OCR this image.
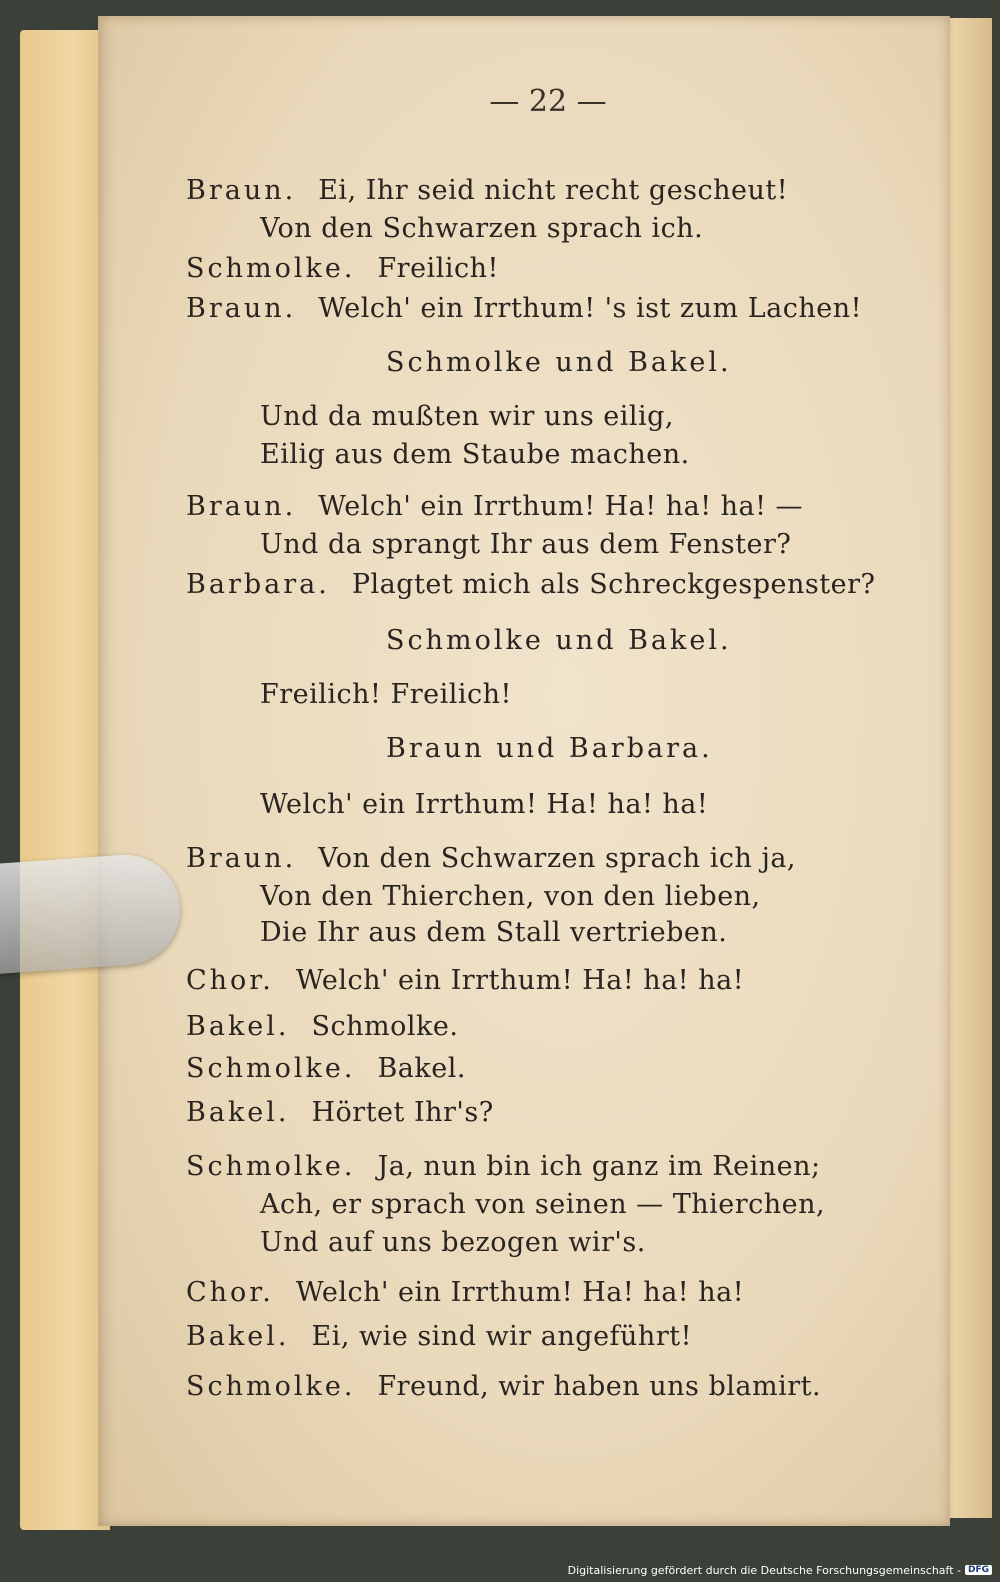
— 22 —
Braun. Ei, Ihr seid nicht recht gescheut!
Von den Schwarzen sprach ich.
Schmolke. Freilich!
Braun. Welch' ein Irrthum! 's ist zum Lachen!
Schmolke und Bakel.
Und da mußten wir uns eilig,
Eilig aus dem Staube machen.
Braun. Welch' ein Irrthum! Ha! ha! ha! —
Und da sprangt Ihr aus dem Fenster?
Barbara. Plagtet mich als Schreckgespenster?
Schmolke und Bakel.
Freilich! Freilich!
Braun und Barbara.
Welch' ein Irrthum! Ha! ha! ha!
Braun. Von den Schwarzen sprach ich ja,
Von den Thierchen, von den lieben,
Die Ihr aus dem Stall vertrieben.
Chor. Welch' ein Irrthum! Ha! ha! ha!
Bakel. Schmolke.
Schmolke. Bakel.
Bakel. Hörtet Ihr's?
Schmolke. Ja, nun bin ich ganz im Reinen;
Ach, er sprach von seinen — Thierchen,
Und auf uns bezogen wir's.
Chor. Welch' ein Irrthum! Ha! ha! ha!
Bakel. Ei, wie sind wir angeführt!
Schmolke. Freund, wir haben uns blamirt.
Digitalisierung gefördert durch die Deutsche Forschungsgemeinschaft - DFG
